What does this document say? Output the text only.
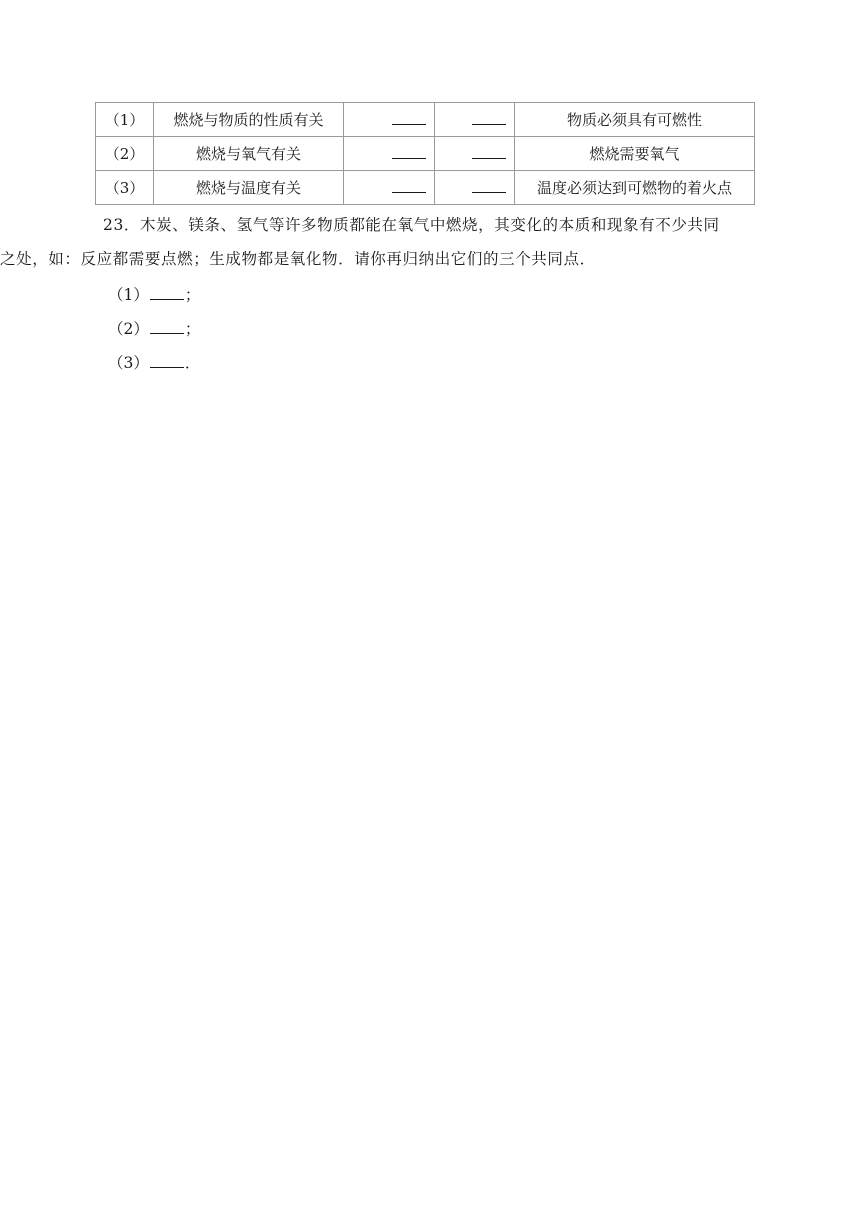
（1）	燃烧与物质的性质有关			物质必须具有可燃性
（2）	燃烧与氧气有关			燃烧需要氧气
（3）	燃烧与温度有关			温度必须达到可燃物的着火点
23．木炭、镁条、氢气等许多物质都能在氧气中燃烧，其变化的本质和现象有不少共同
之处，如：反应都需要点燃；生成物都是氧化物．请你再归纳出它们的三个共同点．
（1） ；
（2） ；
（3） ．
